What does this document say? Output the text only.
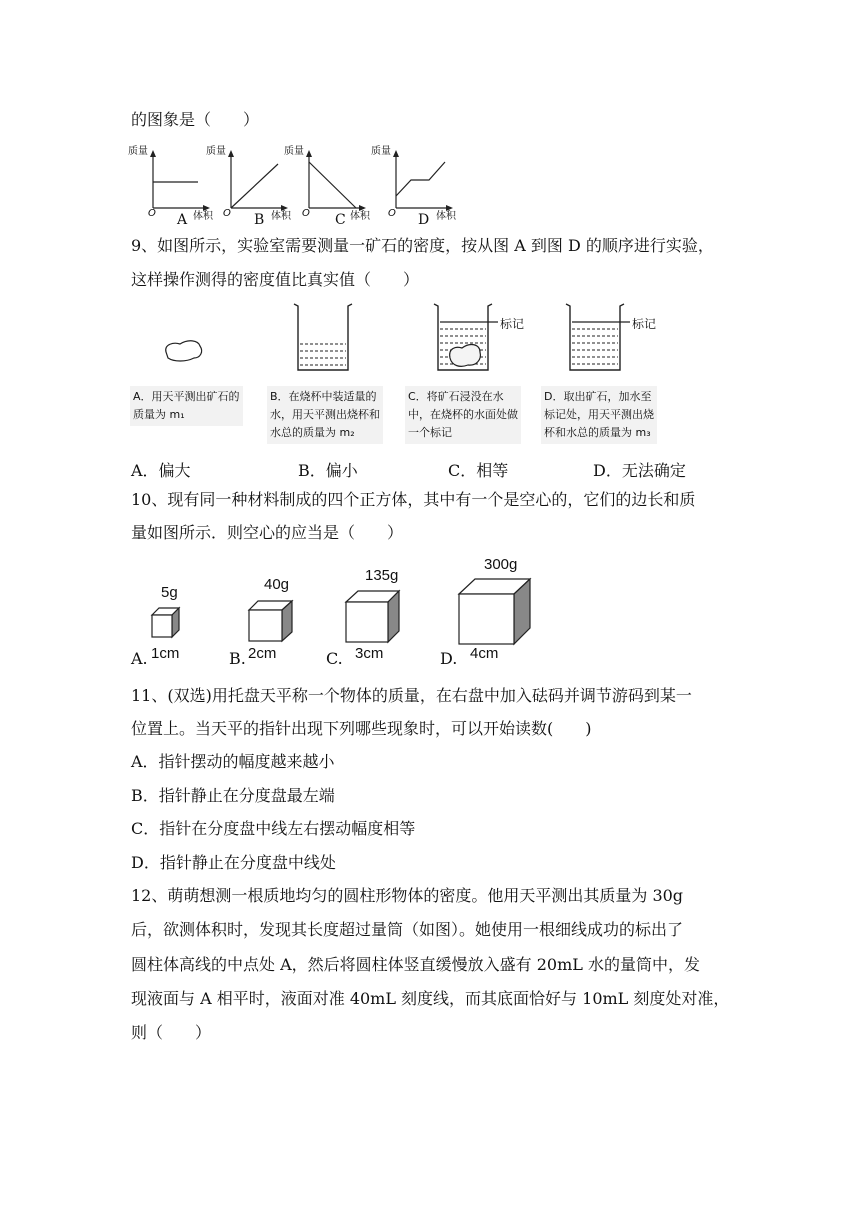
的图象是（　　）
质量
O A 体积
质量
O B 体积
质量
O C 体积
质量
O D 体积
9、如图所示，实验室需要测量一矿石的密度，按从图 A 到图 D 的顺序进行实验，
这样操作测得的密度值比真实值（　　）
标记	标记
A．用天平测出矿石的
质量为 m₁
B．在烧杯中装适量的
水，用天平测出烧杯和
水总的质量为 m₂
C．将矿石浸没在水
中，在烧杯的水面处做
一个标记
D．取出矿石，加水至
标记处，用天平测出烧
杯和水总的质量为 m₃
A．偏大	B．偏小	C．相等	D．无法确定
10、现有同一种材料制成的四个正方体，其中有一个是空心的，它们的边长和质
量如图所示．则空心的应当是（　　）
5g
A. 1cm
40g
B. 2cm
135g
C. 3cm
300g
D. 4cm
11、(双选)用托盘天平称一个物体的质量，在右盘中加入砝码并调节游码到某一
位置上。当天平的指针出现下列哪些现象时，可以开始读数(　　)
A．指针摆动的幅度越来越小
B．指针静止在分度盘最左端
C．指针在分度盘中线左右摆动幅度相等
D．指针静止在分度盘中线处
12、萌萌想测一根质地均匀的圆柱形物体的密度。他用天平测出其质量为 30g
后，欲测体积时，发现其长度超过量筒（如图）。她使用一根细线成功的标出了
圆柱体高线的中点处 A，然后将圆柱体竖直缓慢放入盛有 20mL 水的量筒中，发
现液面与 A 相平时，液面对准 40mL 刻度线，而其底面恰好与 10mL 刻度处对准，
则（　　）
